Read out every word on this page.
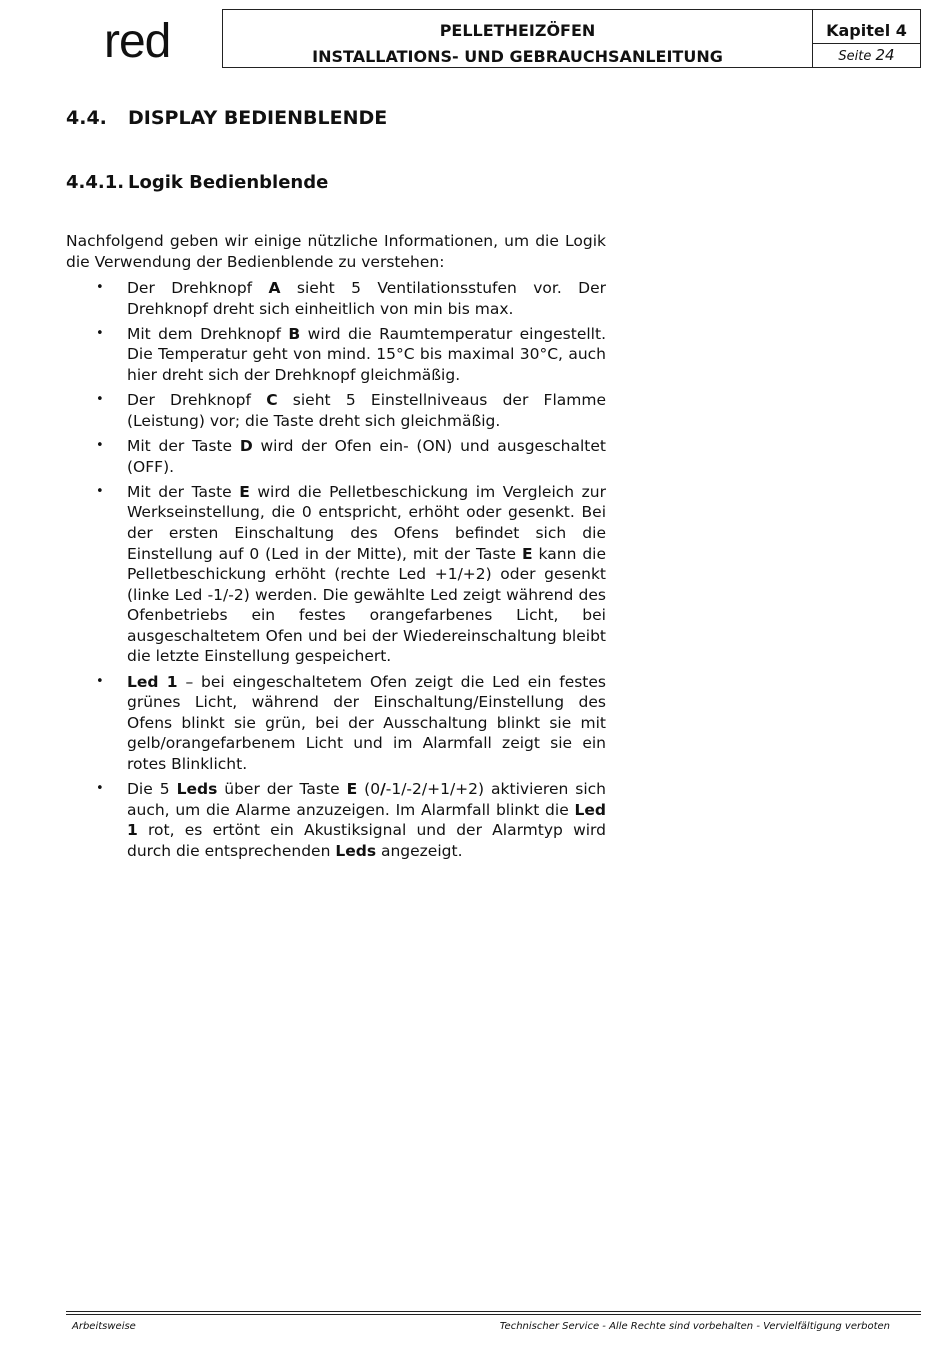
red	PELLETHEIZÖFEN
INSTALLATIONS- UND GEBRAUCHSANLEITUNG
Kapitel 4
Seite 24
4.4. DISPLAY BEDIENBLENDE
4.4.1. Logik Bedienblende
Nachfolgend geben wir einige nützliche Informationen, um die Logik die Verwendung der Bedienblende zu verstehen:
• Der Drehknopf A sieht 5 Ventilationsstufen vor. Der Drehknopf dreht sich einheitlich von min bis max.
• Mit dem Drehknopf B wird die Raumtemperatur eingestellt. Die Temperatur geht von mind. 15°C bis maximal 30°C, auch hier dreht sich der Drehknopf gleichmäßig.
• Der Drehknopf C sieht 5 Einstellniveaus der Flamme (Leistung) vor; die Taste dreht sich gleichmäßig.
• Mit der Taste D wird der Ofen ein- (ON) und ausgeschaltet (OFF).
• Mit der Taste E wird die Pelletbeschickung im Vergleich zur Werkseinstellung, die 0 entspricht, erhöht oder gesenkt. Bei der ersten Einschaltung des Ofens befindet sich die Einstellung auf 0 (Led in der Mitte), mit der Taste E kann die Pelletbeschickung erhöht (rechte Led +1/+2) oder gesenkt (linke Led -1/-2) werden. Die gewählte Led zeigt während des Ofenbetriebs ein festes orangefarbenes Licht, bei ausgeschaltetem Ofen und bei der Wiedereinschaltung bleibt die letzte Einstellung gespeichert.
• Led 1 – bei eingeschaltetem Ofen zeigt die Led ein festes grünes Licht, während der Einschaltung/Einstellung des Ofens blinkt sie grün, bei der Ausschaltung blinkt sie mit gelb/orangefarbenem Licht und im Alarmfall zeigt sie ein rotes Blinklicht.
• Die 5 Leds über der Taste E (0/-1/-2/+1/+2) aktivieren sich auch, um die Alarme anzuzeigen. Im Alarmfall blinkt die Led 1 rot, es ertönt ein Akustiksignal und der Alarmtyp wird durch die entsprechenden Leds angezeigt.
Arbeitsweise	Technischer Service - Alle Rechte sind vorbehalten - Vervielfältigung verboten
